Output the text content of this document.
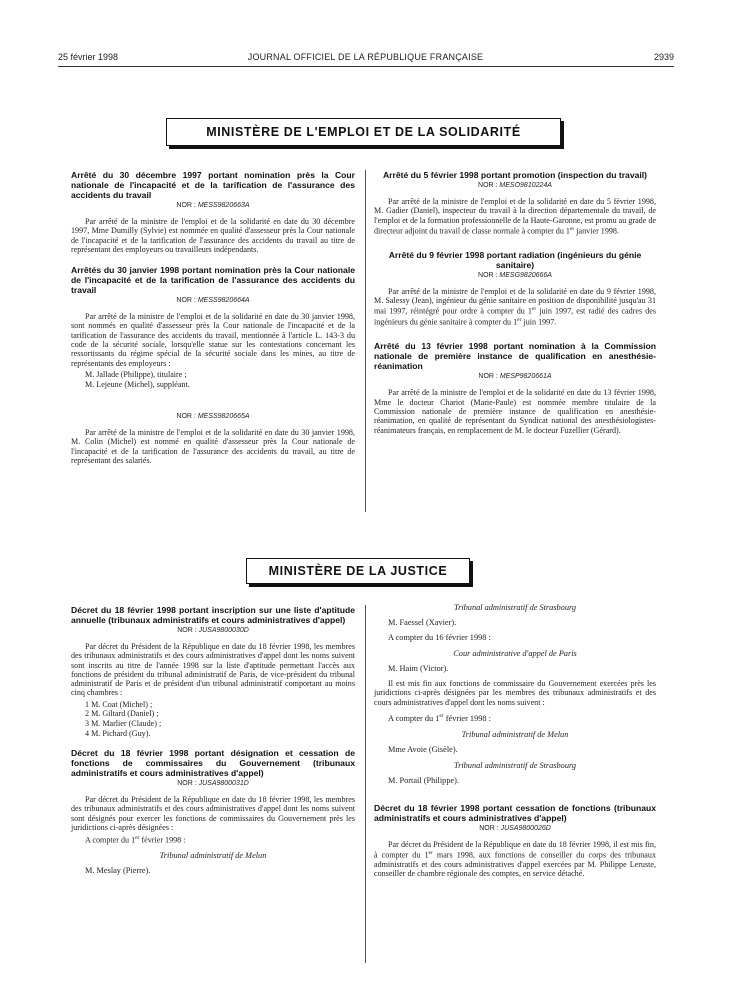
25 février 1998	JOURNAL OFFICIEL DE LA RÉPUBLIQUE FRANÇAISE	2939
MINISTÈRE DE L'EMPLOI ET DE LA SOLIDARITÉ

Arrêté du 30 décembre 1997 portant nomination près la Cour nationale de l'incapacité et de la tarification de l'assurance des accidents du travail

NOR : MESS9820663A

Par arrêté de la ministre de l'emploi et de la solidarité en date du 30 décembre 1997, Mme Dumilly (Sylvie) est nommée en qualité d'assesseur près la Cour nationale de l'incapacité et de la tarification de l'assurance des accidents du travail au titre de représentant des employeurs ou travailleurs indépendants.

Arrêtés du 30 janvier 1998 portant nomination près la Cour nationale de l'incapacité et de la tarification de l'assurance des accidents du travail

NOR : MESS9820664A

Par arrêté de la ministre de l'emploi et de la solidarité en date du 30 janvier 1998, sont nommés en qualité d'assesseur près la Cour nationale de l'incapacité et de la tarification de l'assurance des accidents du travail, mentionnée à l'article L. 143-3 du code de la sécurité sociale, lorsqu'elle statue sur les contestations concernant les ressortissants du régime spécial de la sécurité sociale dans les mines, au titre de représentants des employeurs :

M. Jallade (Philippe), titulaire ;

M. Lejeune (Michel), suppléant.

NOR : MESS9820665A

Par arrêté de la ministre de l'emploi et de la solidarité en date du 30 janvier 1998, M. Colin (Michel) est nommé en qualité d'assesseur près la Cour nationale de l'incapacité et de la tarification de l'assurance des accidents du travail, au titre de représentant des salariés.

Arrêté du 5 février 1998 portant promotion (inspection du travail)

NOR : MESO9810224A

Par arrêté de la ministre de l'emploi et de la solidarité en date du 5 février 1998, M. Gadier (Daniel), inspecteur du travail à la direction départementale du travail, de l'emploi et de la formation professionnelle de la Haute-Garonne, est promu au grade de directeur adjoint du travail de classe normale à compter du 1er janvier 1998.

Arrêté du 9 février 1998 portant radiation (ingénieurs du génie sanitaire)

NOR : MESG9820666A

Par arrêté de la ministre de l'emploi et de la solidarité en date du 9 février 1998, M. Salessy (Jean), ingénieur du génie sanitaire en position de disponibilité jusqu'au 31 mai 1997, réintégré pour ordre à compter du 1er juin 1997, est radié des cadres des ingénieurs du génie sanitaire à compter du 1er juin 1997.

Arrêté du 13 février 1998 portant nomination à la Commission nationale de première instance de qualification en anesthésie-réanimation

NOR : MESP9820661A

Par arrêté de la ministre de l'emploi et de la solidarité en date du 13 février 1998, Mme le docteur Chariot (Marie-Paule) est nommée membre titulaire de la Commission nationale de première instance de qualification en anesthésie-réanimation, en qualité de représentant du Syndicat national des anesthésiologistes-réanimateurs français, en remplacement de M. le docteur Fuzellier (Gérard).

MINISTÈRE DE LA JUSTICE

Décret du 18 février 1998 portant inscription sur une liste d'aptitude annuelle (tribunaux administratifs et cours administratives d'appel)

NOR : JUSA9800030D

Par décret du Président de la République en date du 18 février 1998, les membres des tribunaux administratifs et des cours administratives d'appel dont les noms suivent sont inscrits au titre de l'année 1998 sur la liste d'aptitude permettant l'accès aux fonctions de président du tribunal administratif de Paris, de vice-président du tribunal administratif de Paris et de président d'un tribunal administratif comportant au moins cinq chambres :

1 M. Coat (Michel) ;

2 M. Giltard (Daniel) ;

3 M. Marlier (Claude) ;

4 M. Pichard (Guy).

Décret du 18 février 1998 portant désignation et cessation de fonctions de commissaires du Gouvernement (tribunaux administratifs et cours administratives d'appel)

NOR : JUSA9800031D

Par décret du Président de la République en date du 18 février 1998, les membres des tribunaux administratifs et des cours administratives d'appel dont les noms suivent sont désignés pour exercer les fonctions de commissaires du Gouvernement près les juridictions ci-après désignées :

A compter du 1er février 1998 :

Tribunal administratif de Melun

M. Meslay (Pierre).

Tribunal administratif de Strasbourg

M. Faessel (Xavier).

A compter du 16 février 1998 :

Cour administrative d'appel de Paris

M. Haim (Victor).

Il est mis fin aux fonctions de commissaire du Gouvernement exercées près les juridictions ci-après désignées par les membres des tribunaux administratifs et des cours administratives d'appel dont les noms suivent :

A compter du 1er février 1998 :

Tribunal administratif de Melun

Mme Avoie (Gisèle).

Tribunal administratif de Strasbourg

M. Portail (Philippe).

Décret du 18 février 1998 portant cessation de fonctions (tribunaux administratifs et cours administratives d'appel)

NOR : JUSA9800026D

Par décret du Président de la République en date du 18 février 1998, il est mis fin, à compter du 1er mars 1998, aux fonctions de conseiller du corps des tribunaux administratifs et des cours administratives d'appel exercées par M. Philippe Leruste, conseiller de chambre régionale des comptes, en service détaché.
